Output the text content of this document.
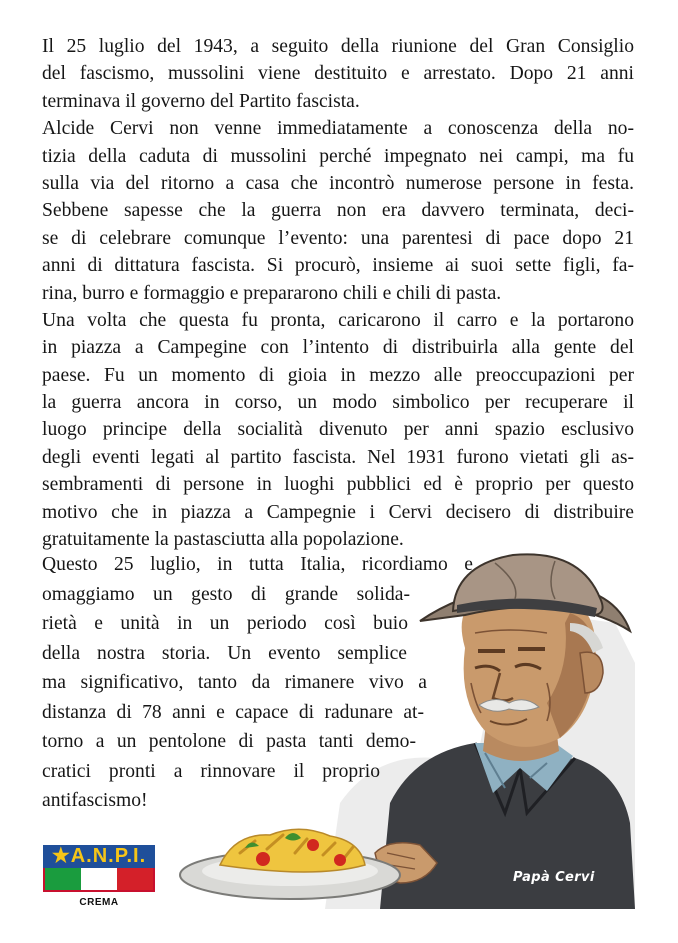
Il 25 luglio del 1943, a seguito della riunione del Gran Consiglio
del fascismo, mussolini viene destituito e arrestato. Dopo 21 anni
terminava il governo del Partito fascista.
Alcide Cervi non venne immediatamente a conoscenza della no-
tizia della caduta di mussolini perché impegnato nei campi, ma fu
sulla via del ritorno a casa che incontrò numerose persone in festa.
Sebbene sapesse che la guerra non era davvero terminata, deci-
se di celebrare comunque l’evento: una parentesi di pace dopo 21
anni di dittatura fascista. Si procurò, insieme ai suoi sette figli, fa-
rina, burro e formaggio e prepararono chili e chili di pasta.
Una volta che questa fu pronta, caricarono il carro e la portarono
in piazza a Campegine con l’intento di distribuirla alla gente del
paese. Fu un momento di gioia in mezzo alle preoccupazioni per
la guerra ancora in corso, un modo simbolico per recuperare il
luogo principe della socialità divenuto per anni spazio esclusivo
degli eventi legati al partito fascista. Nel 1931 furono vietati gli as-
sembramenti di persone in luoghi pubblici ed è proprio per questo
motivo che in piazza a Campegnie i Cervi decisero di distribuire
gratuitamente la pastasciutta alla popolazione.
Papà Cervi
Questo 25 luglio, in tutta Italia, ricordiamo e
omaggiamo un gesto di grande solida-
rietà e unità in un periodo così buio
della nostra storia. Un evento semplice
ma significativo, tanto da rimanere vivo a
distanza di 78 anni e capace di radunare at-
torno a un pentolone di pasta tanti demo-
cratici pronti a rinnovare il proprio
antifascismo!
★A.N.P.I.
CREMA
